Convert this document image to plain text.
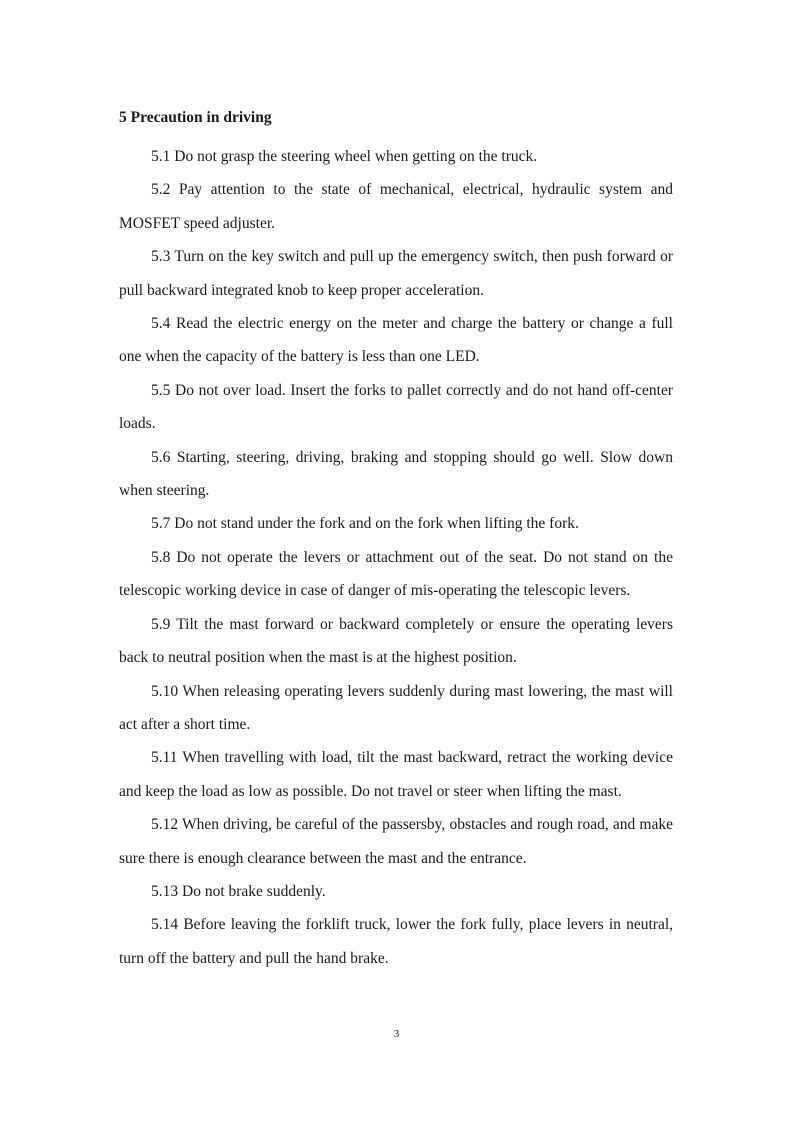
5 Precaution in driving

5.1 Do not grasp the steering wheel when getting on the truck.

5.2 Pay attention to the state of mechanical, electrical, hydraulic system and MOSFET speed adjuster.

5.3 Turn on the key switch and pull up the emergency switch, then push forward or pull backward integrated knob to keep proper acceleration.

5.4 Read the electric energy on the meter and charge the battery or change a full one when the capacity of the battery is less than one LED.

5.5 Do not over load. Insert the forks to pallet correctly and do not hand off-center loads.

5.6 Starting, steering, driving, braking and stopping should go well. Slow down when steering.

5.7 Do not stand under the fork and on the fork when lifting the fork.

5.8 Do not operate the levers or attachment out of the seat. Do not stand on the telescopic working device in case of danger of mis-operating the telescopic levers.

5.9 Tilt the mast forward or backward completely or ensure the operating levers back to neutral position when the mast is at the highest position.

5.10 When releasing operating levers suddenly during mast lowering, the mast will act after a short time.

5.11 When travelling with load, tilt the mast backward, retract the working device and keep the load as low as possible. Do not travel or steer when lifting the mast.

5.12 When driving, be careful of the passersby, obstacles and rough road, and make sure there is enough clearance between the mast and the entrance.

5.13 Do not brake suddenly.

5.14 Before leaving the forklift truck, lower the fork fully, place levers in neutral, turn off the battery and pull the hand brake.

3
